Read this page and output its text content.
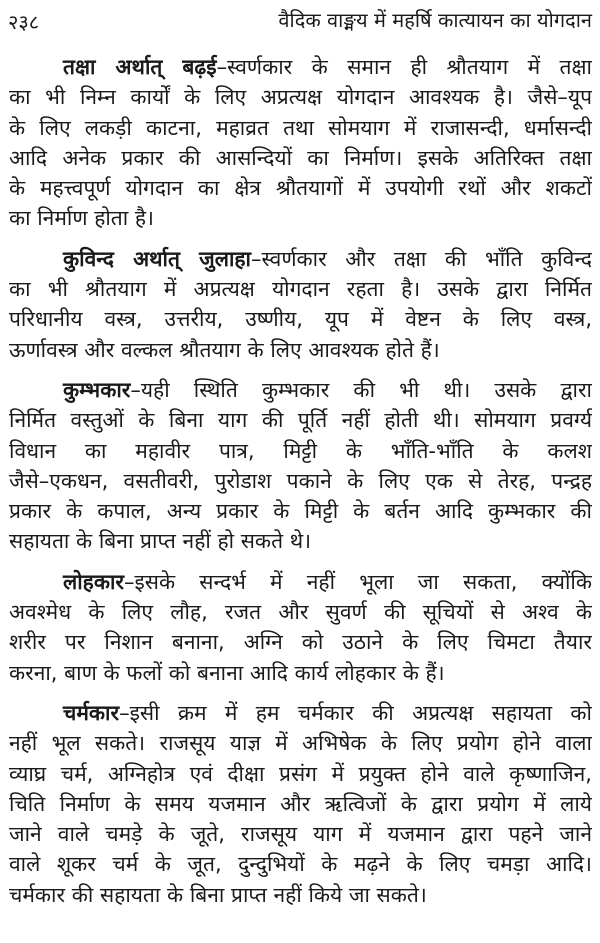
२३८	वैदिक वाङ्मय में महर्षि कात्यायन का योगदान
तक्षा अर्थात् बढ़ई–स्वर्णकार के समान ही श्रौतयाग में तक्षा
का भी निम्न कार्यों के लिए अप्रत्यक्ष योगदान आवश्यक है। जैसे–यूप
के लिए लकड़ी काटना, महाव्रत तथा सोमयाग में राजासन्दी, धर्मासन्दी
आदि अनेक प्रकार की आसन्दियों का निर्माण। इसके अतिरिक्त तक्षा
के महत्त्वपूर्ण योगदान का क्षेत्र श्रौतयागों में उपयोगी रथों और शकटों
का निर्माण होता है।
कुविन्द अर्थात् जुलाहा–स्वर्णकार और तक्षा की भाँति कुविन्द
का भी श्रौतयाग में अप्रत्यक्ष योगदान रहता है। उसके द्वारा निर्मित
परिधानीय वस्त्र, उत्तरीय, उष्णीय, यूप में वेष्टन के लिए वस्त्र,
ऊर्णावस्त्र और वल्कल श्रौतयाग के लिए आवश्यक होते हैं।
कुम्भकार–यही स्थिति कुम्भकार की भी थी। उसके द्वारा
निर्मित वस्तुओं के बिना याग की पूर्ति नहीं होती थी। सोमयाग प्रवर्ग्य
विधान का महावीर पात्र, मिट्टी के भाँति-भाँति के कलश
जैसे–एकधन, वसतीवरी, पुरोडाश पकाने के लिए एक से तेरह, पन्द्रह
प्रकार के कपाल, अन्य प्रकार के मिट्टी के बर्तन आदि कुम्भकार की
सहायता के बिना प्राप्त नहीं हो सकते थे।
लोहकार–इसके सन्दर्भ में नहीं भूला जा सकता, क्योंकि
अवश्मेध के लिए लौह, रजत और सुवर्ण की सूचियों से अश्व के
शरीर पर निशान बनाना, अग्नि को उठाने के लिए चिमटा तैयार
करना, बाण के फलों को बनाना आदि कार्य लोहकार के हैं।
चर्मकार–इसी क्रम में हम चर्मकार की अप्रत्यक्ष सहायता को
नहीं भूल सकते। राजसूय याज्ञ में अभिषेक के लिए प्रयोग होने वाला
व्याघ्र चर्म, अग्निहोत्र एवं दीक्षा प्रसंग में प्रयुक्त होने वाले कृष्णाजिन,
चिति निर्माण के समय यजमान और ऋत्विजों के द्वारा प्रयोग में लाये
जाने वाले चमड़े के जूते, राजसूय याग में यजमान द्वारा पहने जाने
वाले शूकर चर्म के जूत, दुन्दुभियों के मढ़ने के लिए चमड़ा आदि।
चर्मकार की सहायता के बिना प्राप्त नहीं किये जा सकते।
